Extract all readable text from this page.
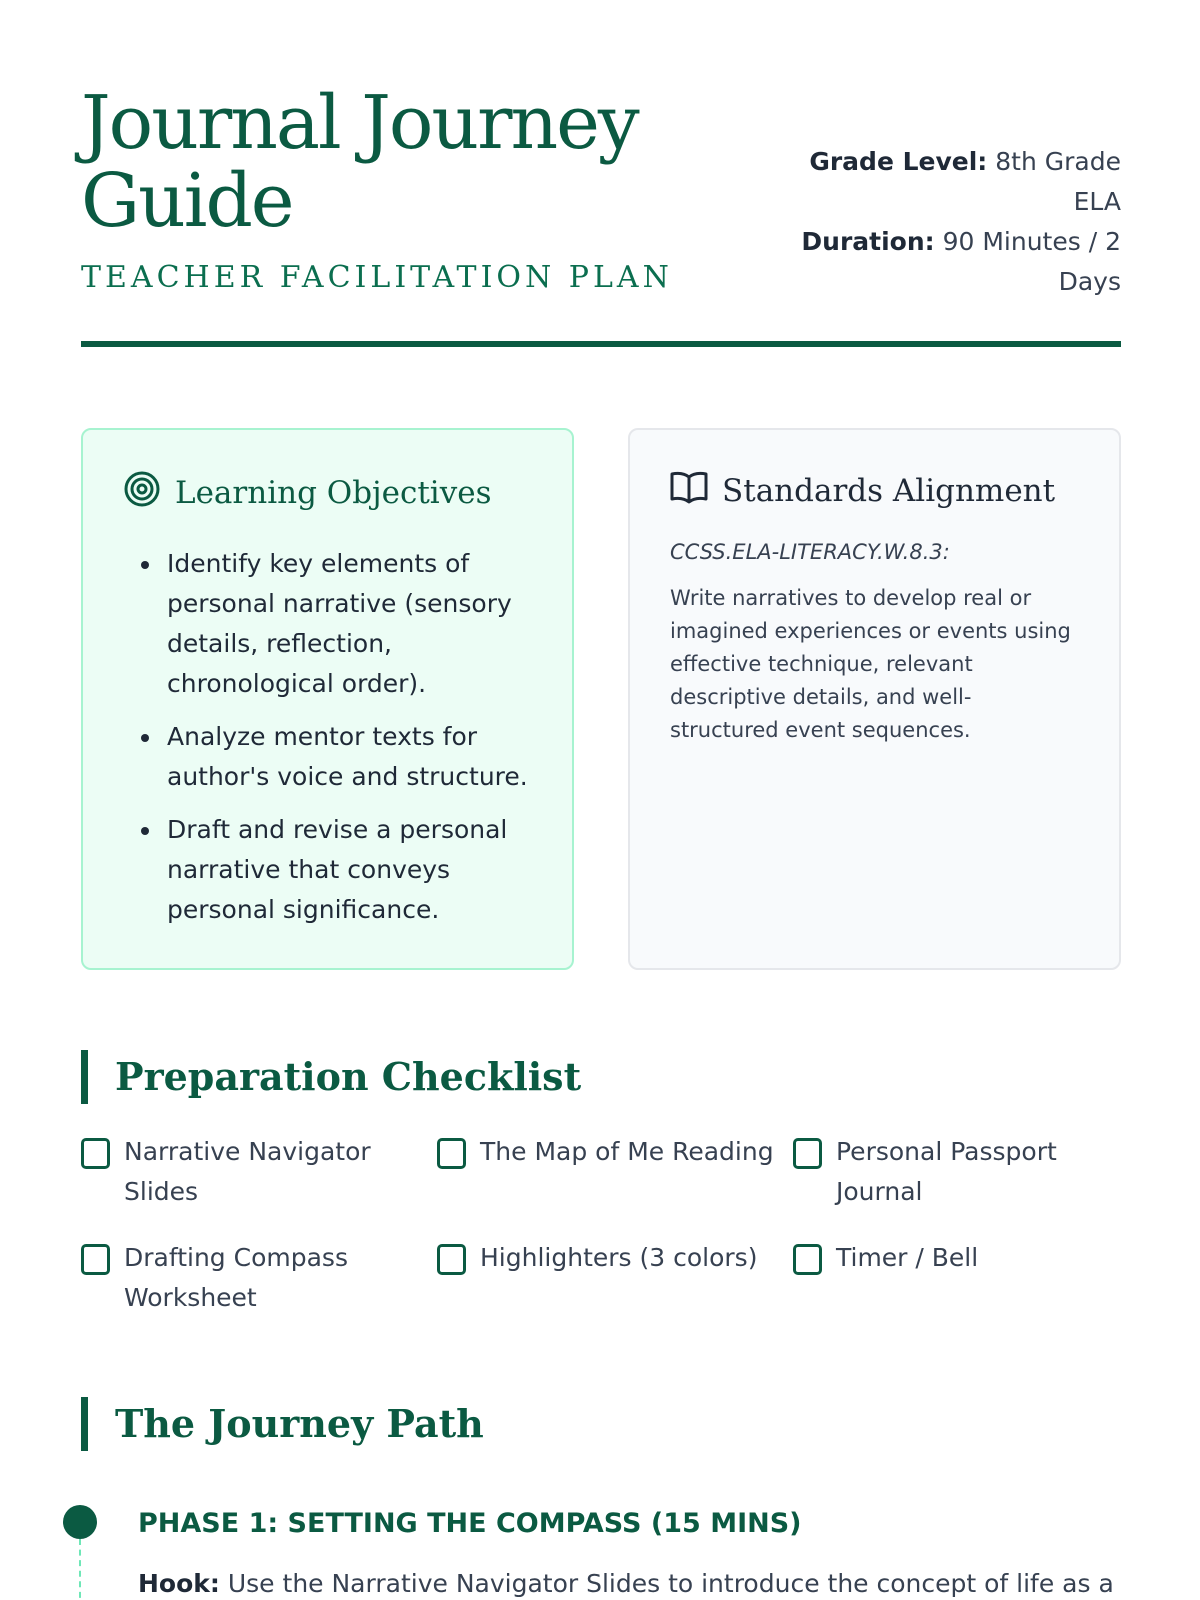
Journal Journey Guide
TEACHER FACILITATION PLAN
Grade Level: 8th Grade ELA
Duration: 90 Minutes / 2 Days
Learning Objectives
• Identify key elements of personal narrative (sensory details, reflection, chronological order).
• Analyze mentor texts for author's voice and structure.
• Draft and revise a personal narrative that conveys personal significance.
Standards Alignment
CCSS.ELA-LITERACY.W.8.3:
Write narratives to develop real or imagined experiences or events using effective technique, relevant descriptive details, and well-structured event sequences.
Preparation Checklist
Narrative Navigator Slides
The Map of Me Reading Personal Passport Journal
Drafting Compass Worksheet
Highlighters (3 colors)	Timer / Bell
The Journey Path
PHASE 1: SETTING THE COMPASS (15 MINS)
Hook: Use the Narrative Navigator Slides to introduce the concept of life as a
